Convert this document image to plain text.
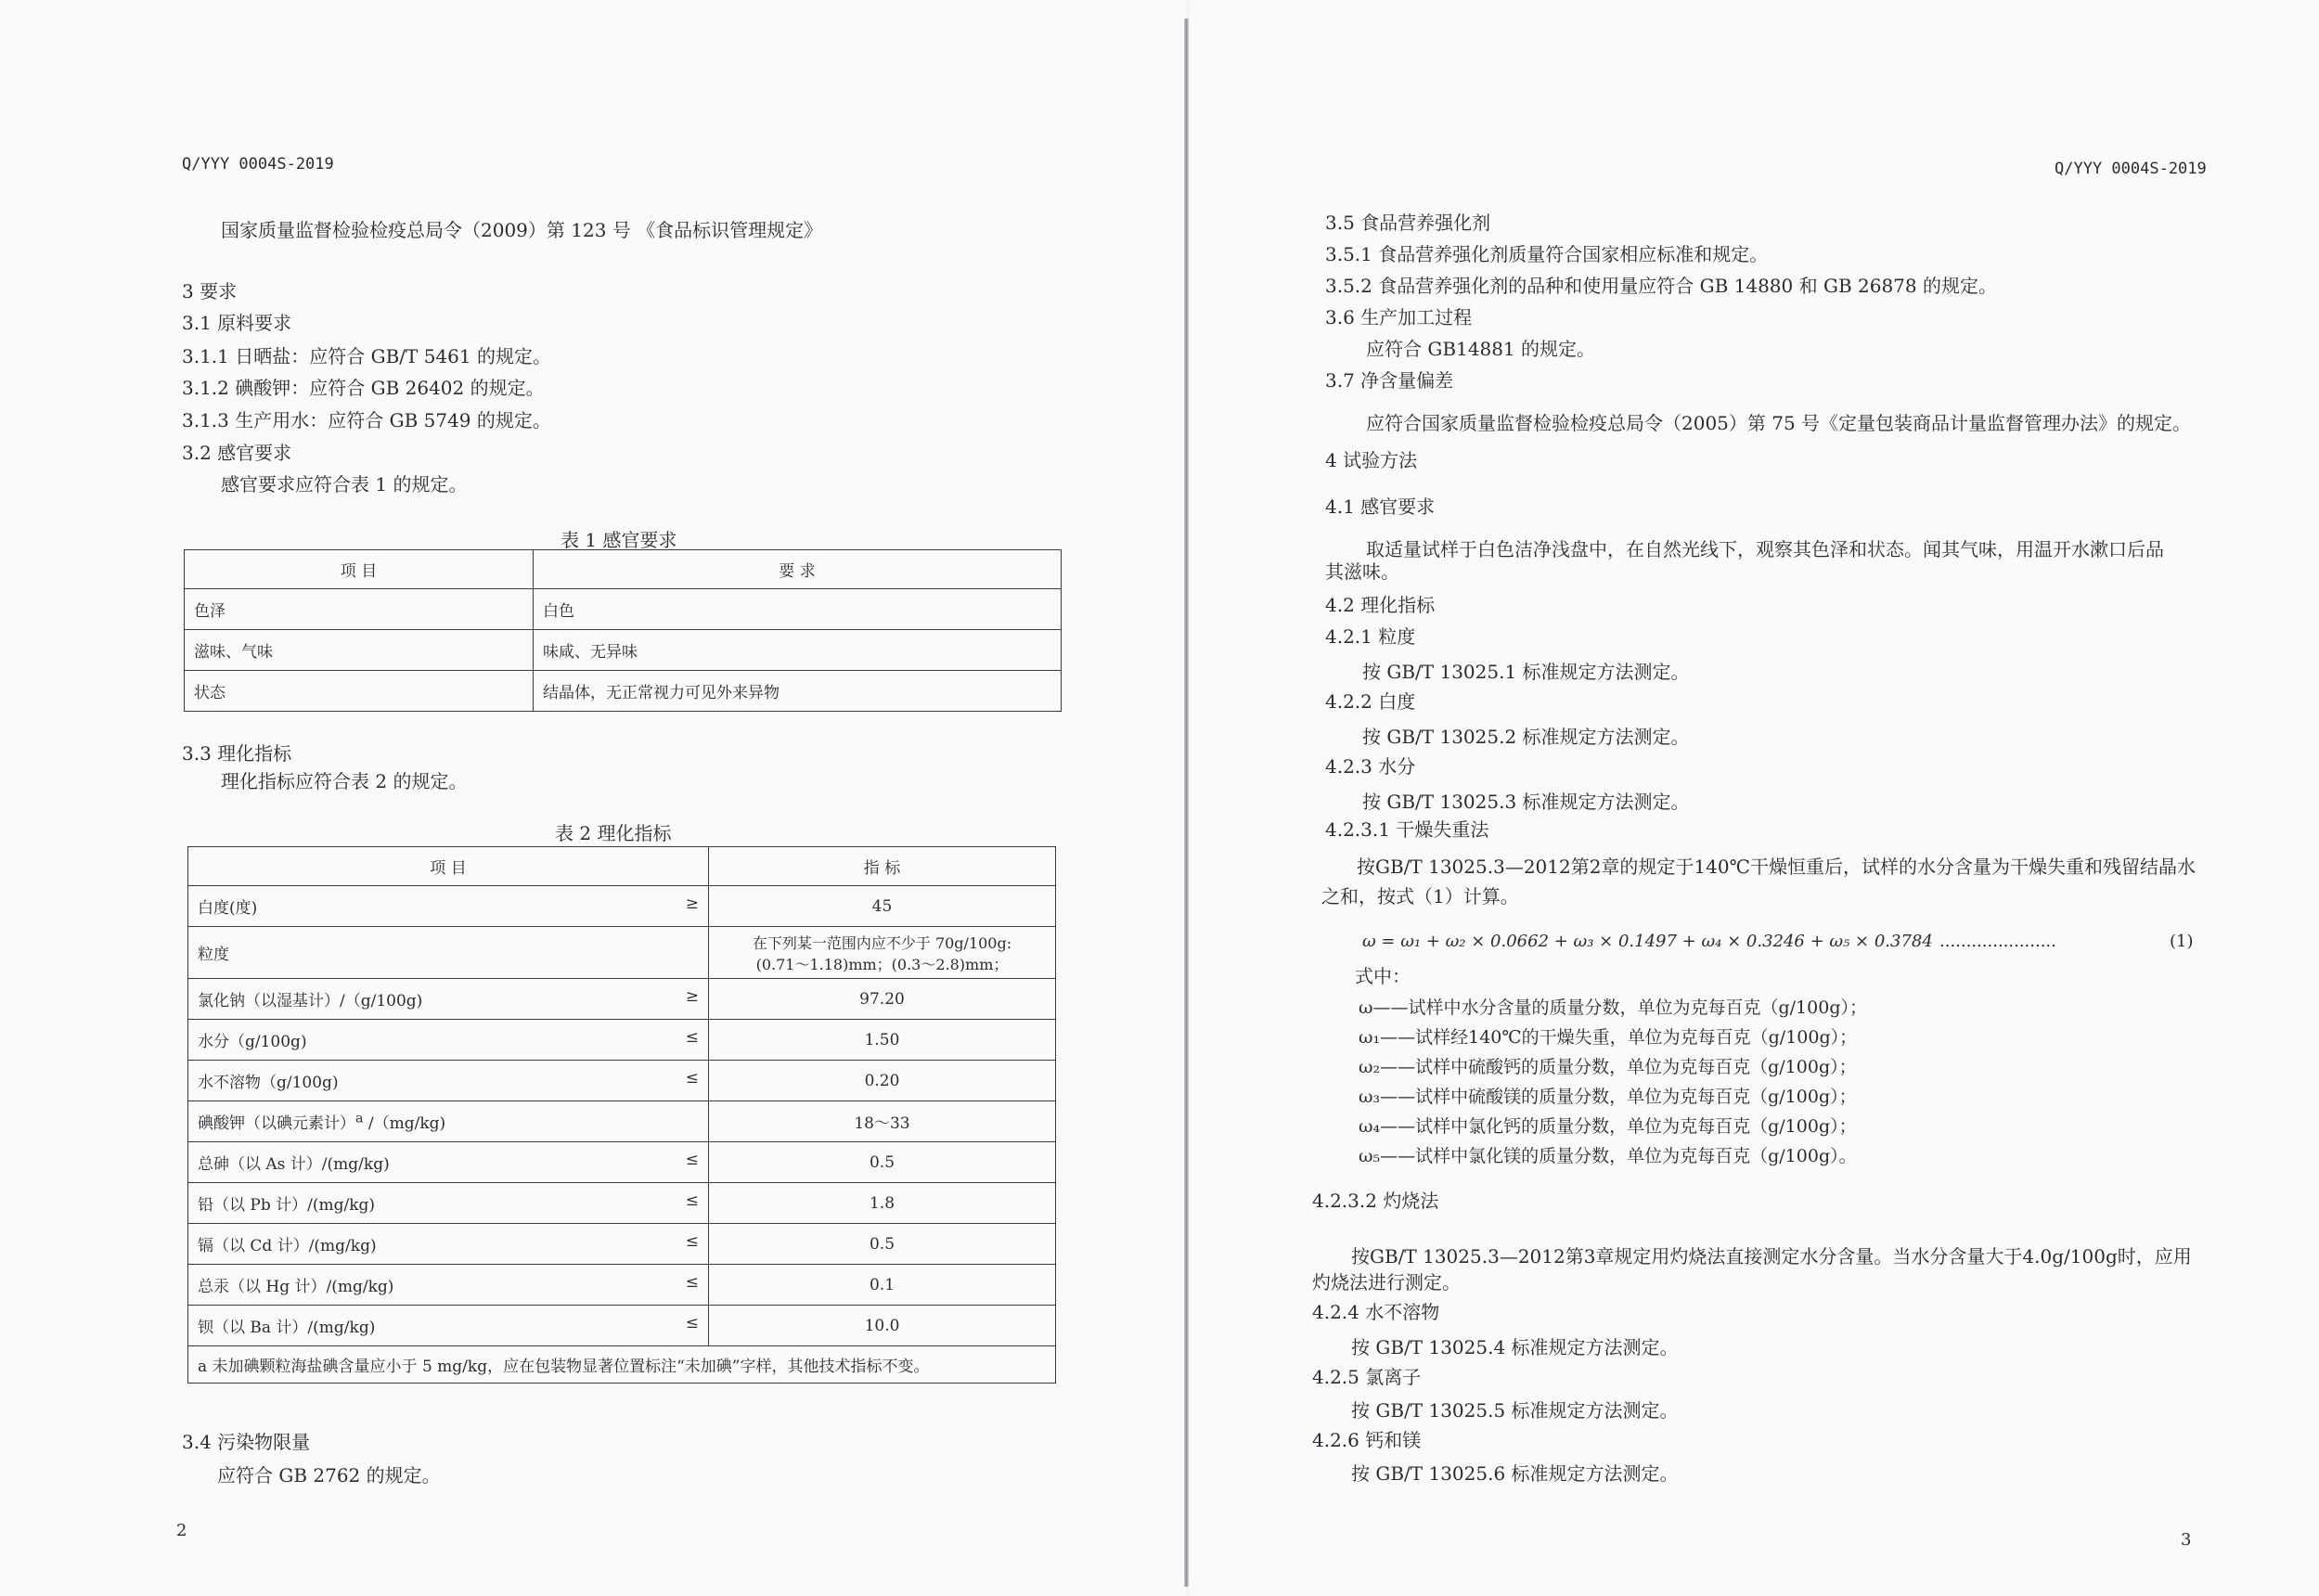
Q/YYY 0004S-2019
国家质量监督检验检疫总局令（2009）第 123 号 《食品标识管理规定》
3 要求
3.1 原料要求
3.1.1 日晒盐：应符合 GB/T 5461 的规定。
3.1.2 碘酸钾：应符合 GB 26402 的规定。
3.1.3 生产用水：应符合 GB 5749 的规定。
3.2 感官要求
感官要求应符合表 1 的规定。
表 1 感官要求
项 目	要 求
色泽	白色
滋味、气味	味咸、无异味
状态	结晶体，无正常视力可见外来异物
3.3 理化指标
理化指标应符合表 2 的规定。
表 2 理化指标
项 目	指 标

白度(度) ≥	45

粒度	在下列某一范围内应不少于 70g/100g:
(0.71～1.18)mm；(0.3～2.8)mm；

氯化钠（以湿基计）/（g/100g) ≥	97.20

水分（g/100g) ≤	1.50

水不溶物（g/100g) ≤	0.20

碘酸钾（以碘元素计） $^a$ /（mg/kg)	18～33

总砷（以 As 计）/(mg/kg) ≤	0.5

铅（以 Pb 计）/(mg/kg) ≤	1.8

镉（以 Cd 计）/(mg/kg) ≤	0.5

总汞（以 Hg 计）/(mg/kg) ≤	0.1

钡（以 Ba 计）/(mg/kg) ≤	10.0

a 未加碘颗粒海盐碘含量应小于 5 mg/kg，应在包装物显著位置标注“未加碘”字样，其他技术指标不变。	
3.4 污染物限量
应符合 GB 2762 的规定。
2
Q/YYY 0004S-2019
3.5 食品营养强化剂
3.5.1 食品营养强化剂质量符合国家相应标准和规定。
3.5.2 食品营养强化剂的品种和使用量应符合 GB 14880 和 GB 26878 的规定。
3.6 生产加工过程
应符合 GB14881 的规定。
3.7 净含量偏差
应符合国家质量监督检验检疫总局令（2005）第 75 号《定量包装商品计量监督管理办法》的规定。
4 试验方法
4.1 感官要求
取适量试样于白色洁净浅盘中，在自然光线下，观察其色泽和状态。闻其气味，用温开水漱口后品
其滋味。
4.2 理化指标
4.2.1 粒度
按 GB/T 13025.1 标准规定方法测定。
4.2.2 白度
按 GB/T 13025.2 标准规定方法测定。
4.2.3 水分
按 GB/T 13025.3 标准规定方法测定。
4.2.3.1 干燥失重法
按GB/T 13025.3—2012第2章的规定于140℃干燥恒重后，试样的水分含量为干燥失重和残留结晶水
之和，按式（1）计算。
ω = ω₁ + ω₂ × 0.0662 + ω₃ × 0.1497 + ω₄ × 0.3246 + ω₅ × 0.3784 ......................	(1)
式中：
ω——试样中水分含量的质量分数，单位为克每百克（g/100g）；
ω₁——试样经140℃的干燥失重，单位为克每百克（g/100g）；
ω₂——试样中硫酸钙的质量分数，单位为克每百克（g/100g）；
ω₃——试样中硫酸镁的质量分数，单位为克每百克（g/100g）；
ω₄——试样中氯化钙的质量分数，单位为克每百克（g/100g）；
ω₅——试样中氯化镁的质量分数，单位为克每百克（g/100g）。
4.2.3.2 灼烧法
按GB/T 13025.3—2012第3章规定用灼烧法直接测定水分含量。当水分含量大于4.0g/100g时，应用
灼烧法进行测定。
4.2.4 水不溶物
按 GB/T 13025.4 标准规定方法测定。
4.2.5 氯离子
按 GB/T 13025.5 标准规定方法测定。
4.2.6 钙和镁
按 GB/T 13025.6 标准规定方法测定。
3
